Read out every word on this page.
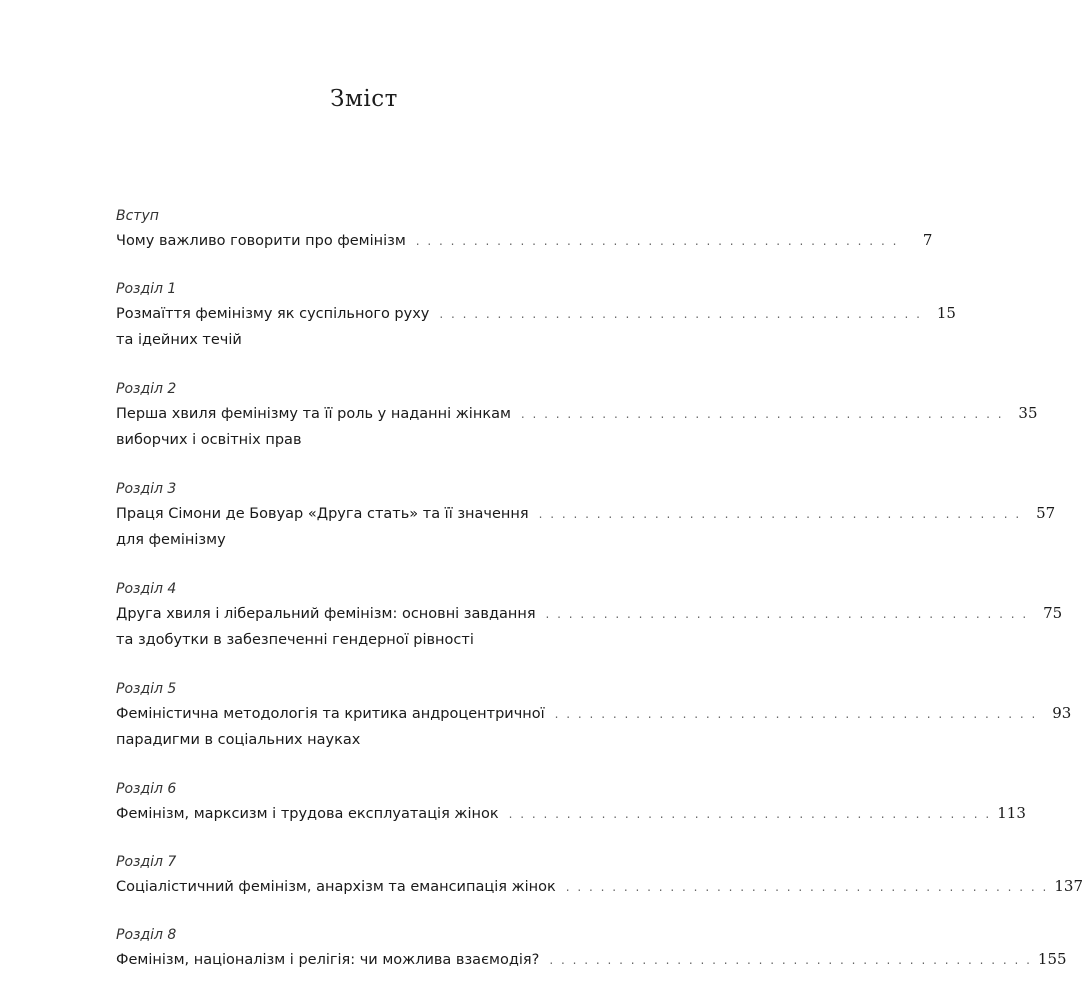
Зміст
Вступ
Чому важливо говорити про фемінізм . . . . . . . . . . . . . . . . . . . . . . . . . . . . . . . . . . . . . . . . . .	7
Розділ 1
Розмаїття фемінізму як суспільного руху . . . . . . . . . . . . . . . . . . . . . . . . . . . . . . . . . . . . . . . . . . 15
та ідейних течій
Розділ 2
Перша хвиля фемінізму та її роль у наданні жінкам . . . . . . . . . . . . . . . . . . . . . . . . . . . . . . . . . . . . . . . . . . 35
виборчих і освітніх прав
Розділ 3
Праця Сімони де Бовуар «Друга стать» та її значення . . . . . . . . . . . . . . . . . . . . . . . . . . . . . . . . . . . . . . . . . . 57
для фемінізму
Розділ 4
Друга хвиля і ліберальний фемінізм: основні завдання . . . . . . . . . . . . . . . . . . . . . . . . . . . . . . . . . . . . . . . . . . 75
та здобутки в забезпеченні гендерної рівності
Розділ 5
Феміністична методологія та критика андроцентричної . . . . . . . . . . . . . . . . . . . . . . . . . . . . . . . . . . . . . . . . . . 93
парадигми в соціальних науках
Розділ 6
Фемінізм, марксизм і трудова експлуатація жінок . . . . . . . . . . . . . . . . . . . . . . . . . . . . . . . . . . . . . . . . . . 113
Розділ 7
Соціалістичний фемінізм, анархізм та емансипація жінок . . . . . . . . . . . . . . . . . . . . . . . . . . . . . . . . . . . . . . . . . . 137
Розділ 8
Фемінізм, націоналізм і релігія: чи можлива взаємодія? . . . . . . . . . . . . . . . . . . . . . . . . . . . . . . . . . . . . . . . . . . 155
